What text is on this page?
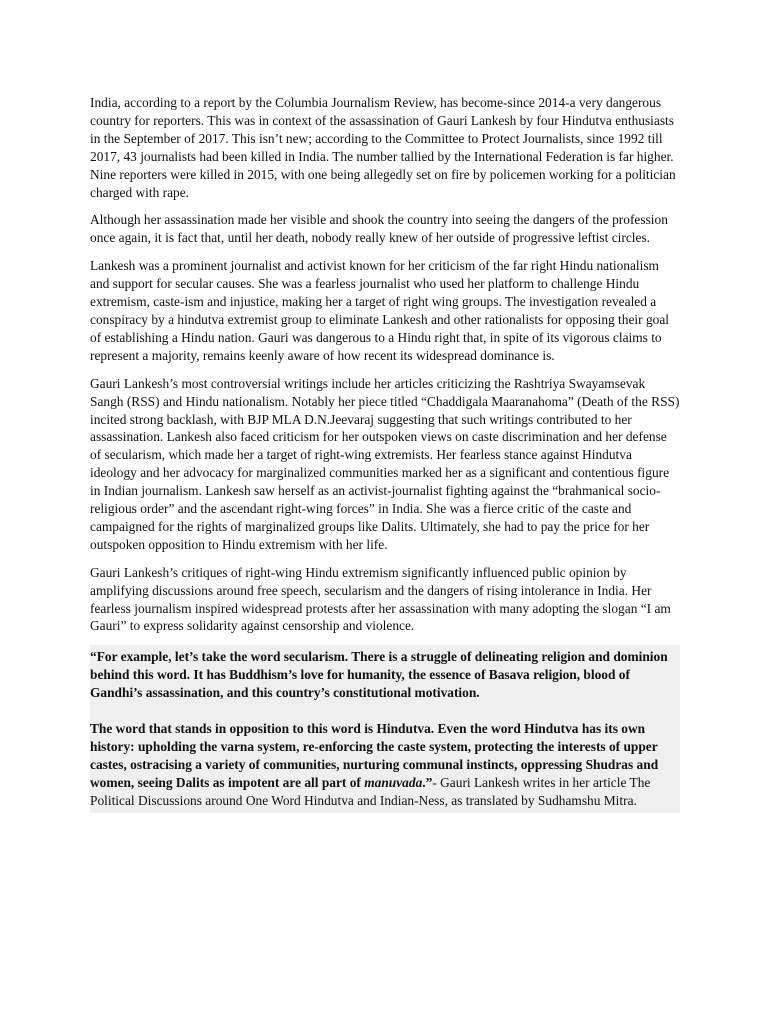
India, according to a report by the Columbia Journalism Review, has become-since 2014-a very dangerous country for reporters. This was in context of the assassination of Gauri Lankesh by four Hindutva enthusiasts in the September of 2017. This isn’t new; according to the Committee to Protect Journalists, since 1992 till 2017, 43 journalists had been killed in India. The number tallied by the International Federation is far higher. Nine reporters were killed in 2015, with one being allegedly set on fire by policemen working for a politician charged with rape.

Although her assassination made her visible and shook the country into seeing the dangers of the profession once again, it is fact that, until her death, nobody really knew of her outside of progressive leftist circles.

Lankesh was a prominent journalist and activist known for her criticism of the far right Hindu nationalism and support for secular causes. She was a fearless journalist who used her platform to challenge Hindu extremism, caste-ism and injustice, making her a target of right wing groups. The investigation revealed a conspiracy by a hindutva extremist group to eliminate Lankesh and other rationalists for opposing their goal of establishing a Hindu nation. Gauri was dangerous to a Hindu right that, in spite of its vigorous claims to represent a majority, remains keenly aware of how recent its widespread dominance is.

Gauri Lankesh’s most controversial writings include her articles criticizing the Rashtriya Swayamsevak Sangh (RSS) and Hindu nationalism. Notably her piece titled “Chaddigala Maaranahoma” (Death of the RSS) incited strong backlash, with BJP MLA D.N.Jeevaraj suggesting that such writings contributed to her assassination. Lankesh also faced criticism for her outspoken views on caste discrimination and her defense of secularism, which made her a target of right-wing extremists. Her fearless stance against Hindutva ideology and her advocacy for marginalized communities marked her as a significant and contentious figure in Indian journalism. Lankesh saw herself as an activist-journalist fighting against the “brahmanical socio-religious order” and the ascendant right-wing forces” in India. She was a fierce critic of the caste and campaigned for the rights of marginalized groups like Dalits. Ultimately, she had to pay the price for her outspoken opposition to Hindu extremism with her life.

Gauri Lankesh’s critiques of right-wing Hindu extremism significantly influenced public opinion by amplifying discussions around free speech, secularism and the dangers of rising intolerance in India. Her fearless journalism inspired widespread protests after her assassination with many adopting the slogan “I am Gauri” to express solidarity against censorship and violence.

“For example, let’s take the word secularism. There is a struggle of delineating religion and dominion behind this word. It has Buddhism’s love for humanity, the essence of Basava religion, blood of Gandhi’s assassination, and this country’s constitutional motivation.

The word that stands in opposition to this word is Hindutva. Even the word Hindutva has its own history: upholding the varna system, re-enforcing the caste system, protecting the interests of upper castes, ostracising a variety of communities, nurturing communal instincts, oppressing Shudras and women, seeing Dalits as impotent are all part of manuvada.”- Gauri Lankesh writes in her article The Political Discussions around One Word Hindutva and Indian-Ness, as translated by Sudhamshu Mitra.
